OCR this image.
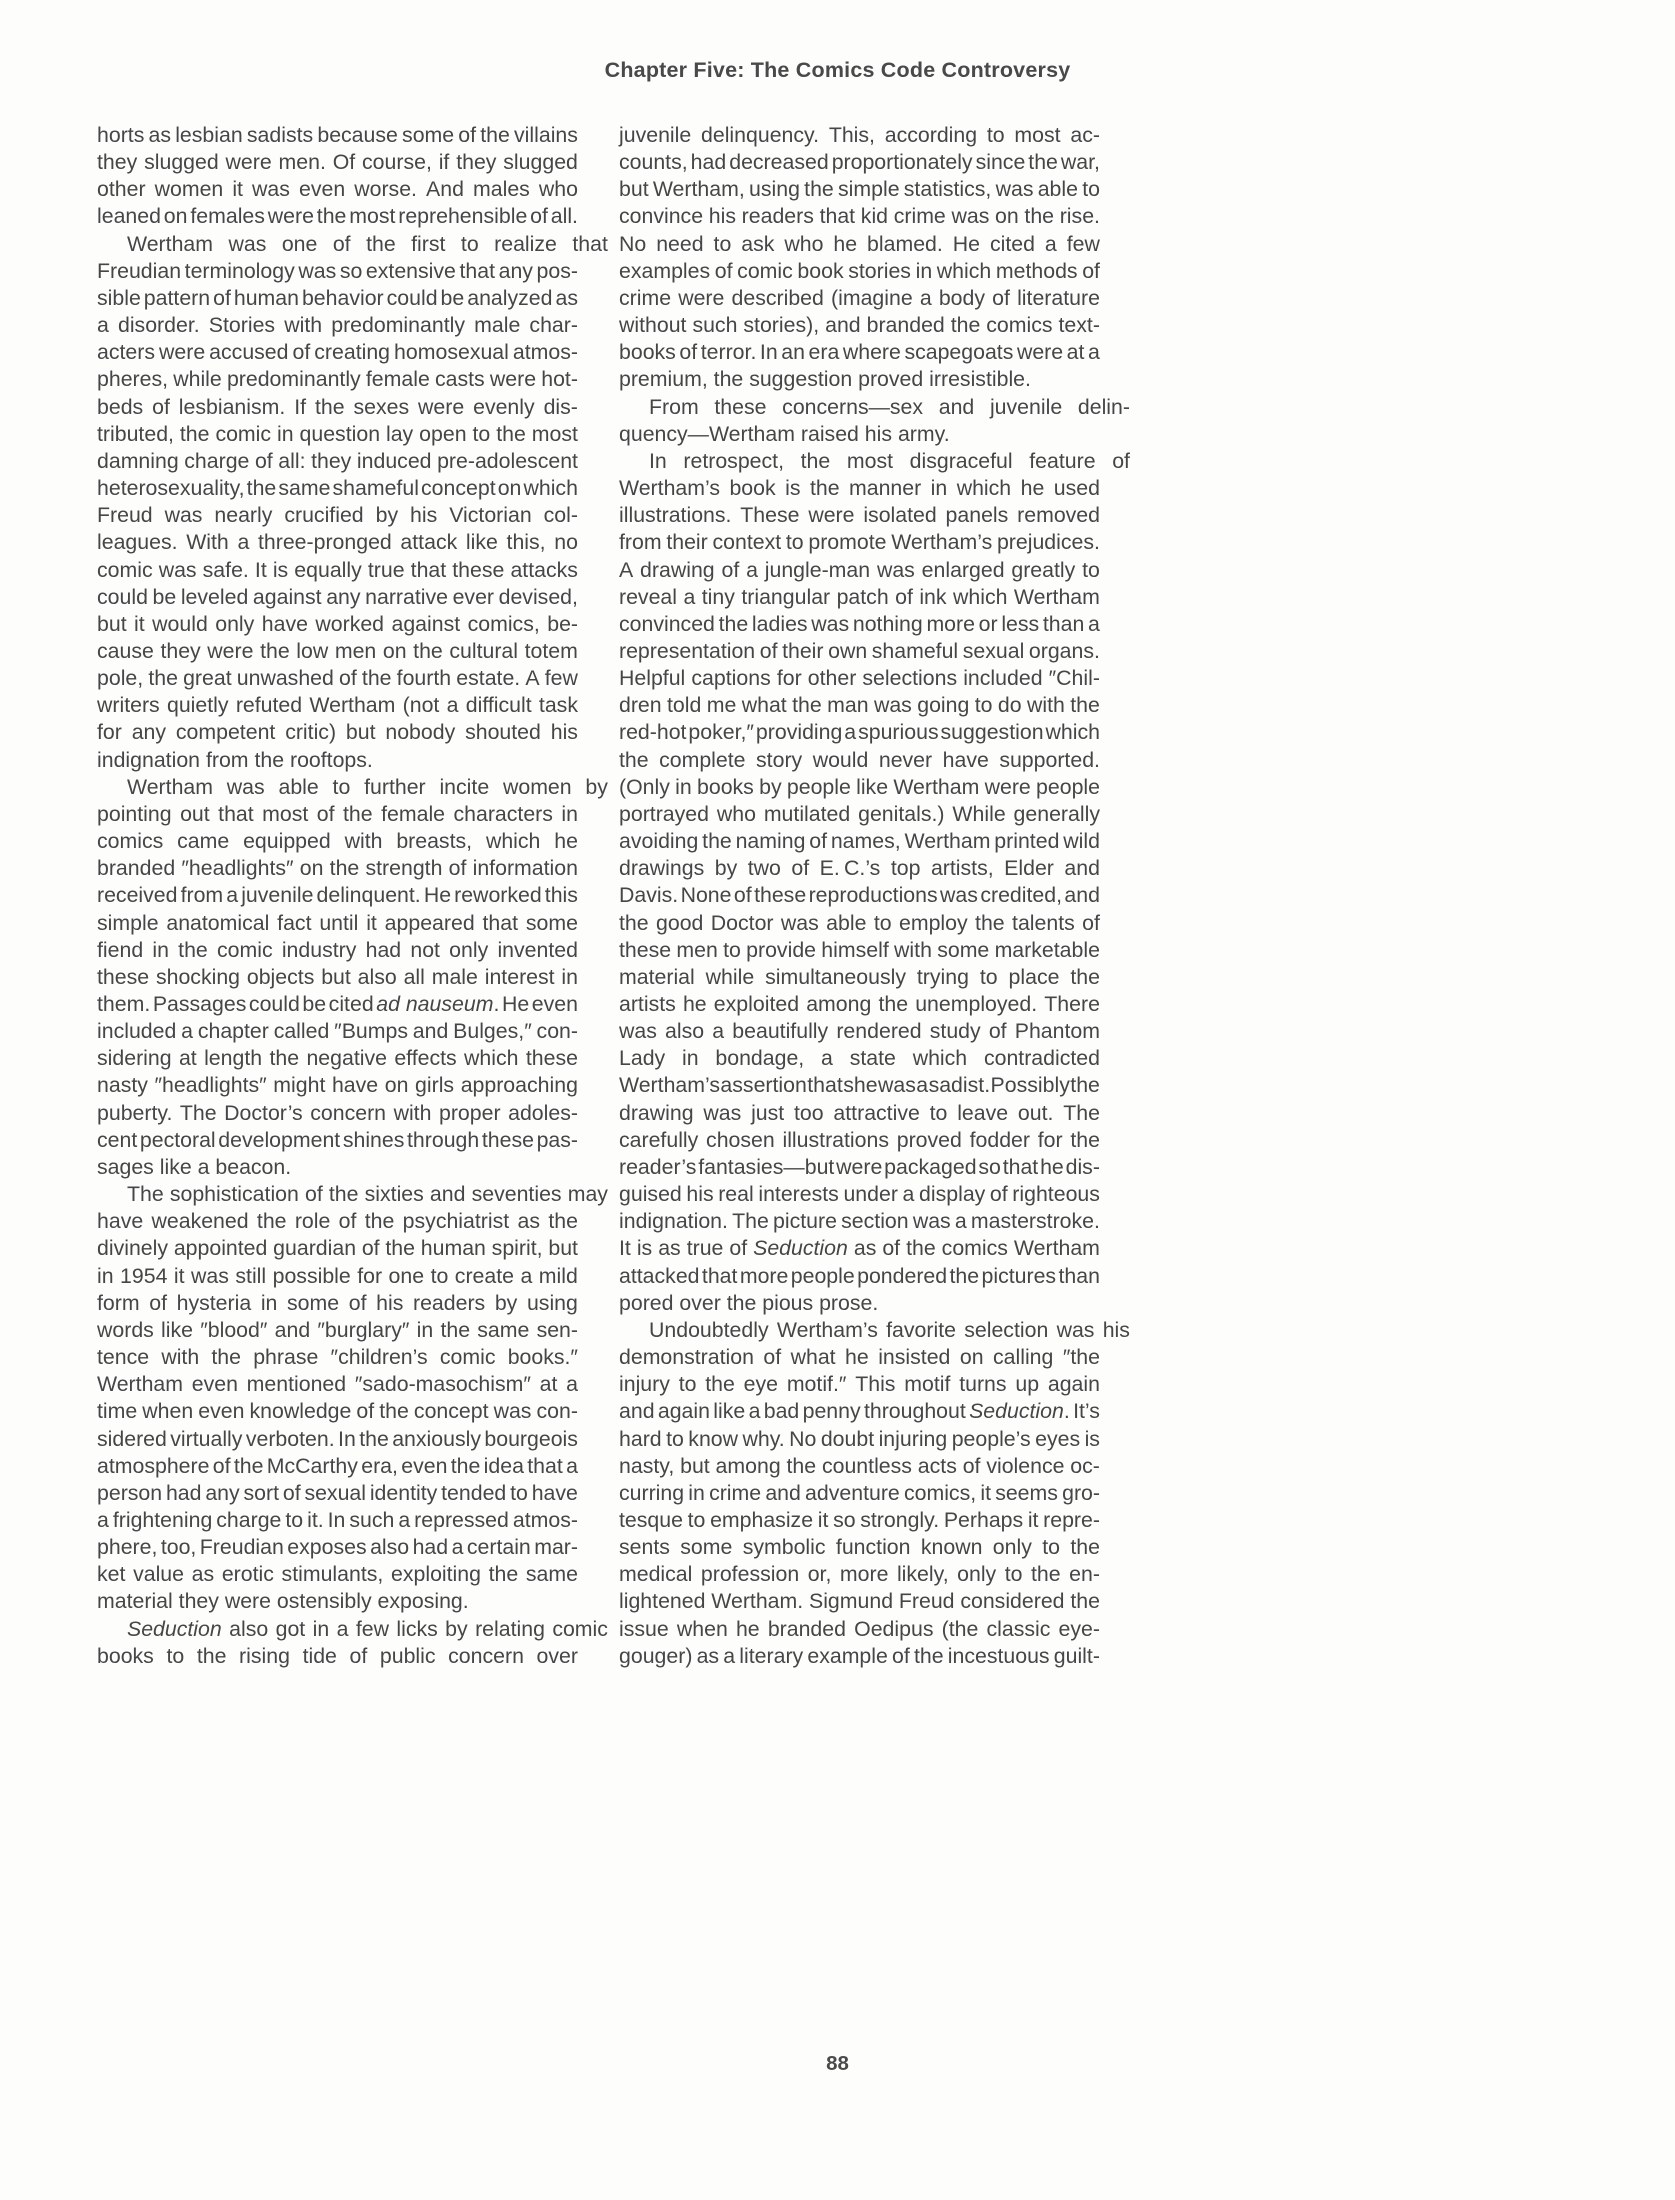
Chapter Five: The Comics Code Controversy
horts as lesbian sadists because some of the villains
they slugged were men. Of course, if they slugged
other women it was even worse. And males who
leaned on females were the most reprehensible of all.
Wertham was one of the first to realize that
Freudian terminology was so extensive that any pos-
sible pattern of human behavior could be analyzed as
a disorder. Stories with predominantly male char-
acters were accused of creating homosexual atmos-
pheres, while predominantly female casts were hot-
beds of lesbianism. If the sexes were evenly dis-
tributed, the comic in question lay open to the most
damning charge of all: they induced pre-adolescent
heterosexuality, the same shameful concept on which
Freud was nearly crucified by his Victorian col-
leagues. With a three-pronged attack like this, no
comic was safe. It is equally true that these attacks
could be leveled against any narrative ever devised,
but it would only have worked against comics, be-
cause they were the low men on the cultural totem
pole, the great unwashed of the fourth estate. A few
writers quietly refuted Wertham (not a difficult task
for any competent critic) but nobody shouted his
indignation from the rooftops.
Wertham was able to further incite women by
pointing out that most of the female characters in
comics came equipped with breasts, which he
branded ″headlights″ on the strength of information
received from a juvenile delinquent. He reworked this
simple anatomical fact until it appeared that some
fiend in the comic industry had not only invented
these shocking objects but also all male interest in
them. Passages could be cited ad nauseum. He even
included a chapter called ″Bumps and Bulges,″ con-
sidering at length the negative effects which these
nasty ″headlights″ might have on girls approaching
puberty. The Doctor’s concern with proper adoles-
cent pectoral development shines through these pas-
sages like a beacon.
The sophistication of the sixties and seventies may
have weakened the role of the psychiatrist as the
divinely appointed guardian of the human spirit, but
in 1954 it was still possible for one to create a mild
form of hysteria in some of his readers by using
words like ″blood″ and ″burglary″ in the same sen-
tence with the phrase ″children’s comic books.″
Wertham even mentioned ″sado-masochism″ at a
time when even knowledge of the concept was con-
sidered virtually verboten. In the anxiously bourgeois
atmosphere of the McCarthy era, even the idea that a
person had any sort of sexual identity tended to have
a frightening charge to it. In such a repressed atmos-
phere, too, Freudian exposes also had a certain mar-
ket value as erotic stimulants, exploiting the same
material they were ostensibly exposing.
Seduction also got in a few licks by relating comic
books to the rising tide of public concern over
juvenile delinquency. This, according to most ac-
counts, had decreased proportionately since the war,
but Wertham, using the simple statistics, was able to
convince his readers that kid crime was on the rise.
No need to ask who he blamed. He cited a few
examples of comic book stories in which methods of
crime were described (imagine a body of literature
without such stories), and branded the comics text-
books of terror. In an era where scapegoats were at a
premium, the suggestion proved irresistible.
From these concerns—sex and juvenile delin-
quency—Wertham raised his army.
In retrospect, the most disgraceful feature of
Wertham’s book is the manner in which he used
illustrations. These were isolated panels removed
from their context to promote Wertham’s prejudices.
A drawing of a jungle-man was enlarged greatly to
reveal a tiny triangular patch of ink which Wertham
convinced the ladies was nothing more or less than a
representation of their own shameful sexual organs.
Helpful captions for other selections included ″Chil-
dren told me what the man was going to do with the
red-hot poker,″ providing a spurious suggestion which
the complete story would never have supported.
(Only in books by people like Wertham were people
portrayed who mutilated genitals.) While generally
avoiding the naming of names, Wertham printed wild
drawings by two of E. C.’s top artists, Elder and
Davis. None of these reproductions was credited, and
the good Doctor was able to employ the talents of
these men to provide himself with some marketable
material while simultaneously trying to place the
artists he exploited among the unemployed. There
was also a beautifully rendered study of Phantom
Lady in bondage, a state which contradicted
Wertham’s assertion that she was a sadist. Possibly the
drawing was just too attractive to leave out. The
carefully chosen illustrations proved fodder for the
reader’s fantasies—but were packaged so that he dis-
guised his real interests under a display of righteous
indignation. The picture section was a masterstroke.
It is as true of Seduction as of the comics Wertham
attacked that more people pondered the pictures than
pored over the pious prose.
Undoubtedly Wertham’s favorite selection was his
demonstration of what he insisted on calling ″the
injury to the eye motif.″ This motif turns up again
and again like a bad penny throughout Seduction. It’s
hard to know why. No doubt injuring people’s eyes is
nasty, but among the countless acts of violence oc-
curring in crime and adventure comics, it seems gro-
tesque to emphasize it so strongly. Perhaps it repre-
sents some symbolic function known only to the
medical profession or, more likely, only to the en-
lightened Wertham. Sigmund Freud considered the
issue when he branded Oedipus (the classic eye-
gouger) as a literary example of the incestuous guilt-
88
